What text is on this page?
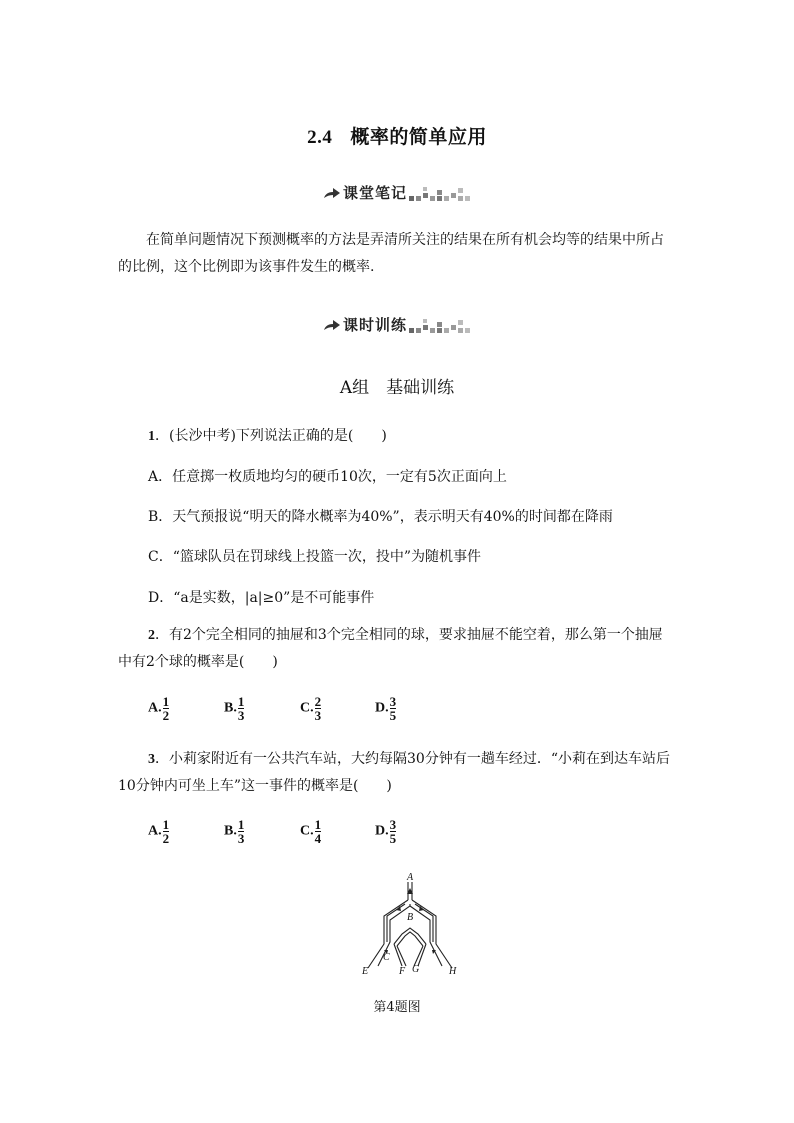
2.4 概率的简单应用
课堂笔记

在简单问题情况下预测概率的方法是弄清所关注的结果在所有机会均等的结果中所占

的比例，这个比例即为该事件发生的概率.

课时训练
A组　基础训练
1．(长沙中考)下列说法正确的是(　　)
A．任意掷一枚质地均匀的硬币10次，一定有5次正面向上
B．天气预报说“明天的降水概率为40%”，表示明天有40%的时间都在降雨
C．“篮球队员在罚球线上投篮一次，投中”为随机事件
D．“a是实数，|a|≥0”是不可能事件
2．有2个完全相同的抽屉和3个完全相同的球，要求抽屉不能空着，那么第一个抽屉
中有2个球的概率是(　　)
A. $\frac{1}{2}$	B. $\frac{1}{3}$	C. $\frac{2}{3}$	D. $\frac{3}{5}$
3．小莉家附近有一公共汽车站，大约每隔30分钟有一趟车经过．“小莉在到达车站后
10分钟内可坐上车”这一事件的概率是(　　)
A. $\frac{1}{2}$	B. $\frac{1}{3}$	C. $\frac{1}{4}$	D. $\frac{3}{5}$
A
B
C
E	F G	H
第4题图
